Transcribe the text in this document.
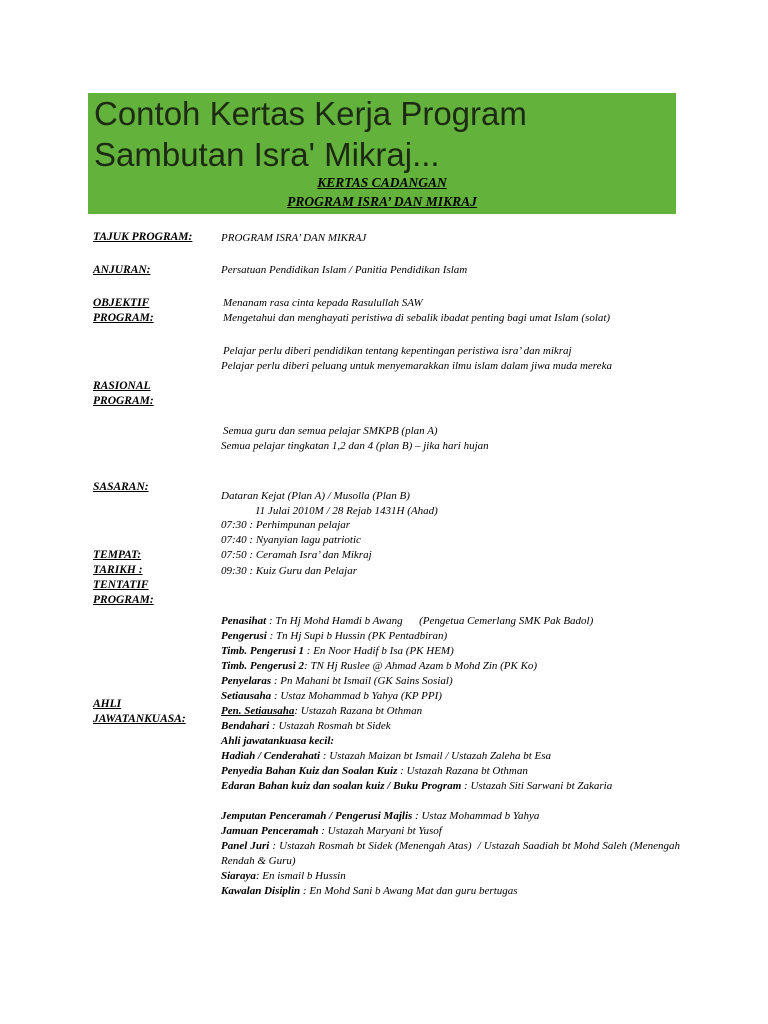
Contoh Kertas Kerja Program
Sambutan Isra' Mikraj...
KERTAS CADANGAN
PROGRAM ISRA’ DAN MIKRAJ
TAJUK PROGRAM:
ANJURAN:
OBJEKTIF
PROGRAM:
RASIONAL
PROGRAM:
SASARAN:
TEMPAT:
TARIKH :
TENTATIF
PROGRAM:
AHLI
JAWATANKUASA:
PROGRAM ISRA’ DAN MIKRAJ
Persatuan Pendidikan Islam / Panitia Pendidikan Islam
Menanam rasa cinta kepada Rasulullah SAW
Mengetahui dan menghayati peristiwa di sebalik ibadat penting bagi umat Islam (solat)
Pelajar perlu diberi pendidikan tentang kepentingan peristiwa isra’ dan mikraj
Pelajar perlu diberi peluang untuk menyemarakkan ilmu islam dalam jiwa muda mereka
Semua guru dan semua pelajar SMKPB (plan A)
Semua pelajar tingkatan 1,2 dan 4 (plan B) – jika hari hujan
Dataran Kejat (Plan A) / Musolla (Plan B)
11 Julai 2010M / 28 Rejab 1431H (Ahad)
07:30 : Perhimpunan pelajar
07:40 : Nyanyian lagu patriotic
07:50 : Ceramah Isra’ dan Mikraj
09:30 : Kuiz Guru dan Pelajar
Penasihat : Tn Hj Mohd Hamdi b Awang      (Pengetua Cemerlang SMK Pak Badol)
Pengerusi : Tn Hj Supi b Hussin (PK Pentadbiran)
Timb. Pengerusi 1 : En Noor Hadif b Isa (PK HEM)
Timb. Pengerusi 2: TN Hj Ruslee @ Ahmad Azam b Mohd Zin (PK Ko)
Penyelaras : Pn Mahani bt Ismail (GK Sains Sosial)
Setiausaha : Ustaz Mohammad b Yahya (KP PPI)
Pen. Setiausaha: Ustazah Razana bt Othman
Bendahari : Ustazah Rosmah bt Sidek
Ahli jawatankuasa kecil:
Hadiah / Cenderahati : Ustazah Maizan bt Ismail / Ustazah Zaleha bt Esa
Penyedia Bahan Kuiz dan Soalan Kuiz : Ustazah Razana bt Othman
Edaran Bahan kuiz dan soalan kuiz / Buku Program : Ustazah Siti Sarwani bt Zakaria
Jemputan Penceramah / Pengerusi Majlis : Ustaz Mohammad b Yahya
Jamuan Penceramah : Ustazah Maryani bt Yusof
Panel Juri : Ustazah Rosmah bt Sidek (Menengah Atas)  / Ustazah Saadiah bt Mohd Saleh (Menengah Rendah & Guru)
Siaraya: En ismail b Hussin
Kawalan Disiplin : En Mohd Sani b Awang Mat dan guru bertugas
